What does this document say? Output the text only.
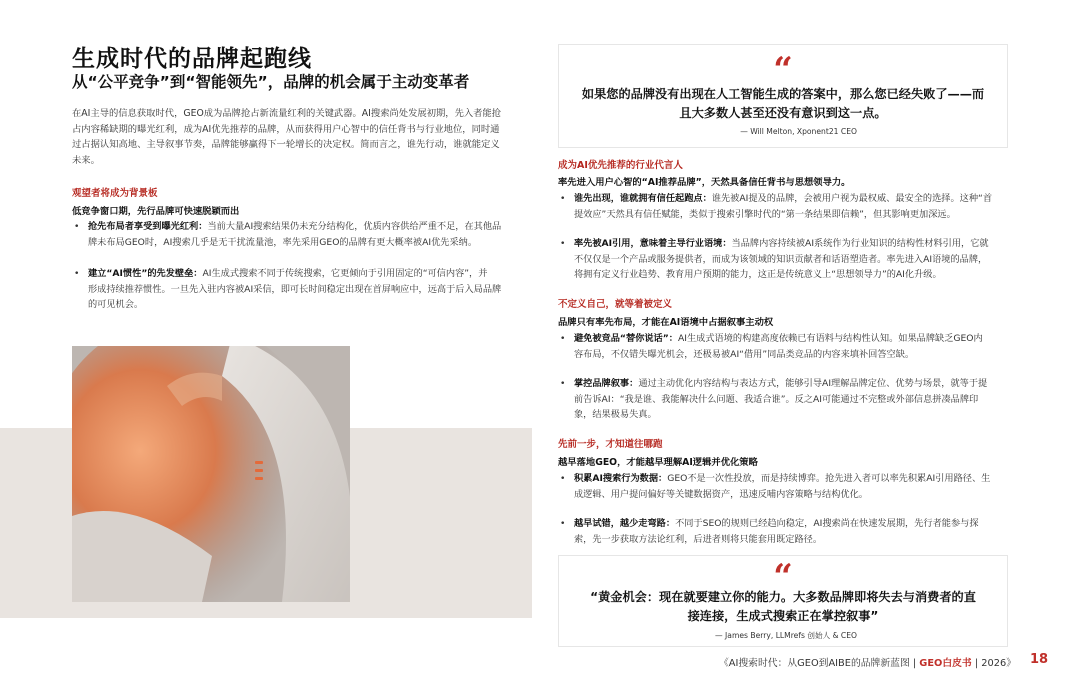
生成时代的品牌起跑线
从“公平竞争”到“智能领先”，品牌的机会属于主动变革者
在AI主导的信息获取时代，GEO成为品牌抢占新流量红利的关键武器。AI搜索尚处发展初期，先入者能抢
占内容稀缺期的曝光红利，成为AI优先推荐的品牌，从而获得用户心智中的信任背书与行业地位，同时通
过占据认知高地、主导叙事节奏，品牌能够赢得下一轮增长的决定权。简而言之，谁先行动，谁就能定义
未来。
观望者将成为背景板
低竞争窗口期，先行品牌可快速脱颖而出
• 抢先布局者享受到曝光红利：当前大量AI搜索结果仍未充分结构化，优质内容供给严重不足，在其他品
牌未布局GEO时，AI搜索几乎是无干扰流量池，率先采用GEO的品牌有更大概率被AI优先采纳。
• 建立“AI惯性”的先发壁垒：AI生成式搜索不同于传统搜索，它更倾向于引用固定的“可信内容”，并
形成持续推荐惯性。一旦先入驻内容被AI采信，即可长时间稳定出现在首屏响应中，远高于后入局品牌
的可见机会。
“
如果您的品牌没有出现在人工智能生成的答案中，那么您已经失败了——而
且大多数人甚至还没有意识到这一点。
— Will Melton, Xponent21 CEO
成为AI优先推荐的行业代言人
率先进入用户心智的“AI推荐品牌”，天然具备信任背书与思想领导力。
• 谁先出现，谁就拥有信任起跑点：谁先被AI提及的品牌，会被用户视为最权威、最安全的选择。这种“首
提效应”天然具有信任赋能，类似于搜索引擎时代的“第一条结果即信赖”，但其影响更加深远。
• 率先被AI引用，意味着主导行业语境：当品牌内容持续被AI系统作为行业知识的结构性材料引用，它就
不仅仅是一个产品或服务提供者，而成为该领域的知识贡献者和话语塑造者。率先进入AI语境的品牌，
将拥有定义行业趋势、教育用户预期的能力，这正是传统意义上“思想领导力”的AI化升级。
不定义自己，就等着被定义
品牌只有率先布局，才能在AI语境中占据叙事主动权
• 避免被竞品“替你说话”：AI生成式语境的构建高度依赖已有语料与结构性认知。如果品牌缺乏GEO内
容布局，不仅错失曝光机会，还极易被AI“借用”同品类竞品的内容来填补回答空缺。
• 掌控品牌叙事：通过主动优化内容结构与表达方式，能够引导AI理解品牌定位、优势与场景，就等于提
前告诉AI：“我是谁、我能解决什么问题、我适合谁”。反之AI可能通过不完整或外部信息拼凑品牌印
象，结果极易失真。
先前一步，才知道往哪跑
越早落地GEO，才能越早理解AI逻辑并优化策略
• 积累AI搜索行为数据：GEO不是一次性投放，而是持续博弈。抢先进入者可以率先积累AI引用路径、生
成逻辑、用户提问偏好等关键数据资产，迅速反哺内容策略与结构优化。
• 越早试错，越少走弯路：不同于SEO的规则已经趋向稳定，AI搜索尚在快速发展期，先行者能参与探
索，先一步获取方法论红利，后进者则将只能套用既定路径。
“
“黄金机会：现在就要建立你的能力。大多数品牌即将失去与消费者的直
接连接，生成式搜索正在掌控叙事”
— James Berry, LLMrefs 创始人 & CEO
《AI搜索时代：从GEO到AIBE的品牌新蓝图 | GEO白皮书 | 2026》 18
